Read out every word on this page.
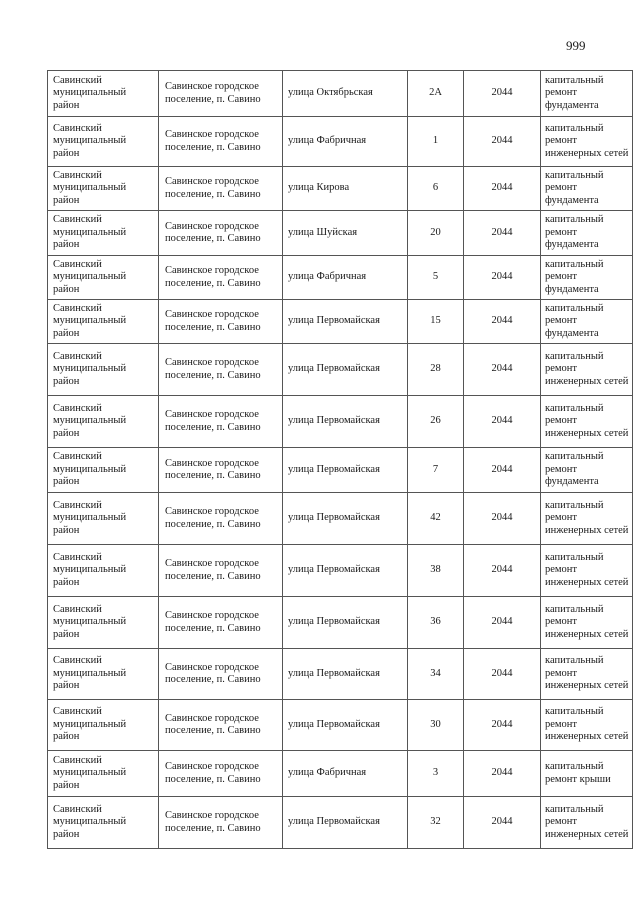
999
Савинский муниципальный район	Савинское городское поселение, п. Савино	улица Октябрьская	2А	2044	капитальный ремонт фундамента
Савинский муниципальный район	Савинское городское поселение, п. Савино	улица Фабричная	1	2044	капитальный ремонт инженерных сетей
Савинский муниципальный район	Савинское городское поселение, п. Савино	улица Кирова	6	2044	капитальный ремонт фундамента
Савинский муниципальный район	Савинское городское поселение, п. Савино	улица Шуйская	20	2044	капитальный ремонт фундамента
Савинский муниципальный район	Савинское городское поселение, п. Савино	улица Фабричная	5	2044	капитальный ремонт фундамента
Савинский муниципальный район	Савинское городское поселение, п. Савино	улица Первомайская	15	2044	капитальный ремонт фундамента
Савинский муниципальный район	Савинское городское поселение, п. Савино	улица Первомайская	28	2044	капитальный ремонт инженерных сетей
Савинский муниципальный район	Савинское городское поселение, п. Савино	улица Первомайская	26	2044	капитальный ремонт инженерных сетей
Савинский муниципальный район	Савинское городское поселение, п. Савино	улица Первомайская	7	2044	капитальный ремонт фундамента
Савинский муниципальный район	Савинское городское поселение, п. Савино	улица Первомайская	42	2044	капитальный ремонт инженерных сетей
Савинский муниципальный район	Савинское городское поселение, п. Савино	улица Первомайская	38	2044	капитальный ремонт инженерных сетей
Савинский муниципальный район	Савинское городское поселение, п. Савино	улица Первомайская	36	2044	капитальный ремонт инженерных сетей
Савинский муниципальный район	Савинское городское поселение, п. Савино	улица Первомайская	34	2044	капитальный ремонт инженерных сетей
Савинский муниципальный район	Савинское городское поселение, п. Савино	улица Первомайская	30	2044	капитальный ремонт инженерных сетей
Савинский муниципальный район	Савинское городское поселение, п. Савино	улица Фабричная	3	2044	капитальный ремонт крыши
Савинский муниципальный район	Савинское городское поселение, п. Савино	улица Первомайская	32	2044	капитальный ремонт инженерных сетей
